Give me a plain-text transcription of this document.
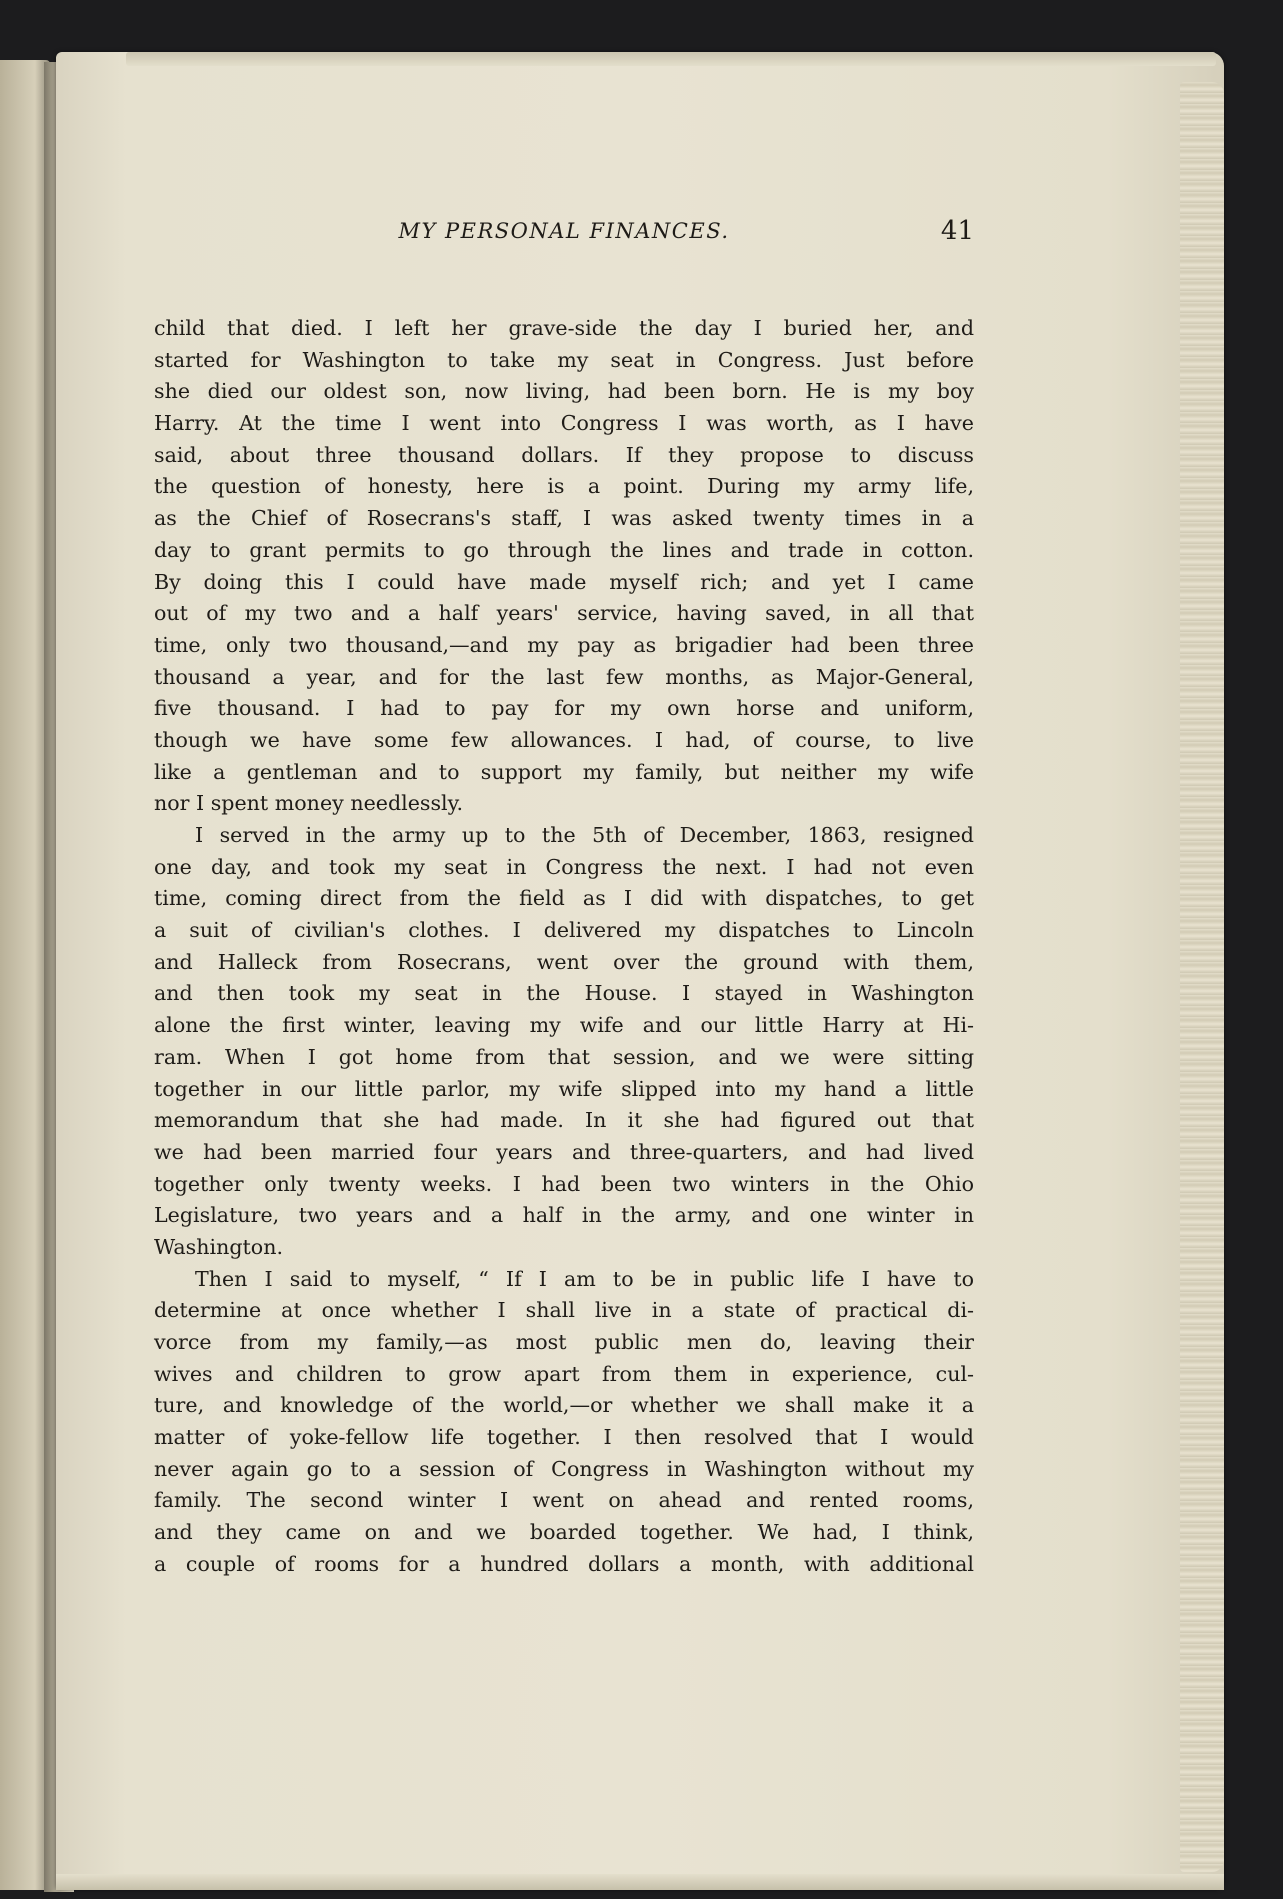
MY PERSONAL FINANCES.	41
child that died. I left her grave-side the day I buried her, and
started for Washington to take my seat in Congress. Just before
she died our oldest son, now living, had been born. He is my boy
Harry. At the time I went into Congress I was worth, as I have
said, about three thousand dollars. If they propose to discuss
the question of honesty, here is a point. During my army life,
as the Chief of Rosecrans's staff, I was asked twenty times in a
day to grant permits to go through the lines and trade in cotton.
By doing this I could have made myself rich; and yet I came
out of my two and a half years' service, having saved, in all that
time, only two thousand,—and my pay as brigadier had been three
thousand a year, and for the last few months, as Major-General,
five thousand. I had to pay for my own horse and uniform,
though we have some few allowances. I had, of course, to live
like a gentleman and to support my family, but neither my wife
nor I spent money needlessly.
I served in the army up to the 5th of December, 1863, resigned
one day, and took my seat in Congress the next. I had not even
time, coming direct from the field as I did with dispatches, to get
a suit of civilian's clothes. I delivered my dispatches to Lincoln
and Halleck from Rosecrans, went over the ground with them,
and then took my seat in the House. I stayed in Washington
alone the first winter, leaving my wife and our little Harry at Hi-
ram. When I got home from that session, and we were sitting
together in our little parlor, my wife slipped into my hand a little
memorandum that she had made. In it she had figured out that
we had been married four years and three-quarters, and had lived
together only twenty weeks. I had been two winters in the Ohio
Legislature, two years and a half in the army, and one winter in
Washington.
Then I said to myself, “ If I am to be in public life I have to
determine at once whether I shall live in a state of practical di-
vorce from my family,—as most public men do, leaving their
wives and children to grow apart from them in experience, cul-
ture, and knowledge of the world,—or whether we shall make it a
matter of yoke-fellow life together. I then resolved that I would
never again go to a session of Congress in Washington without my
family. The second winter I went on ahead and rented rooms,
and they came on and we boarded together. We had, I think,
a couple of rooms for a hundred dollars a month, with additional
